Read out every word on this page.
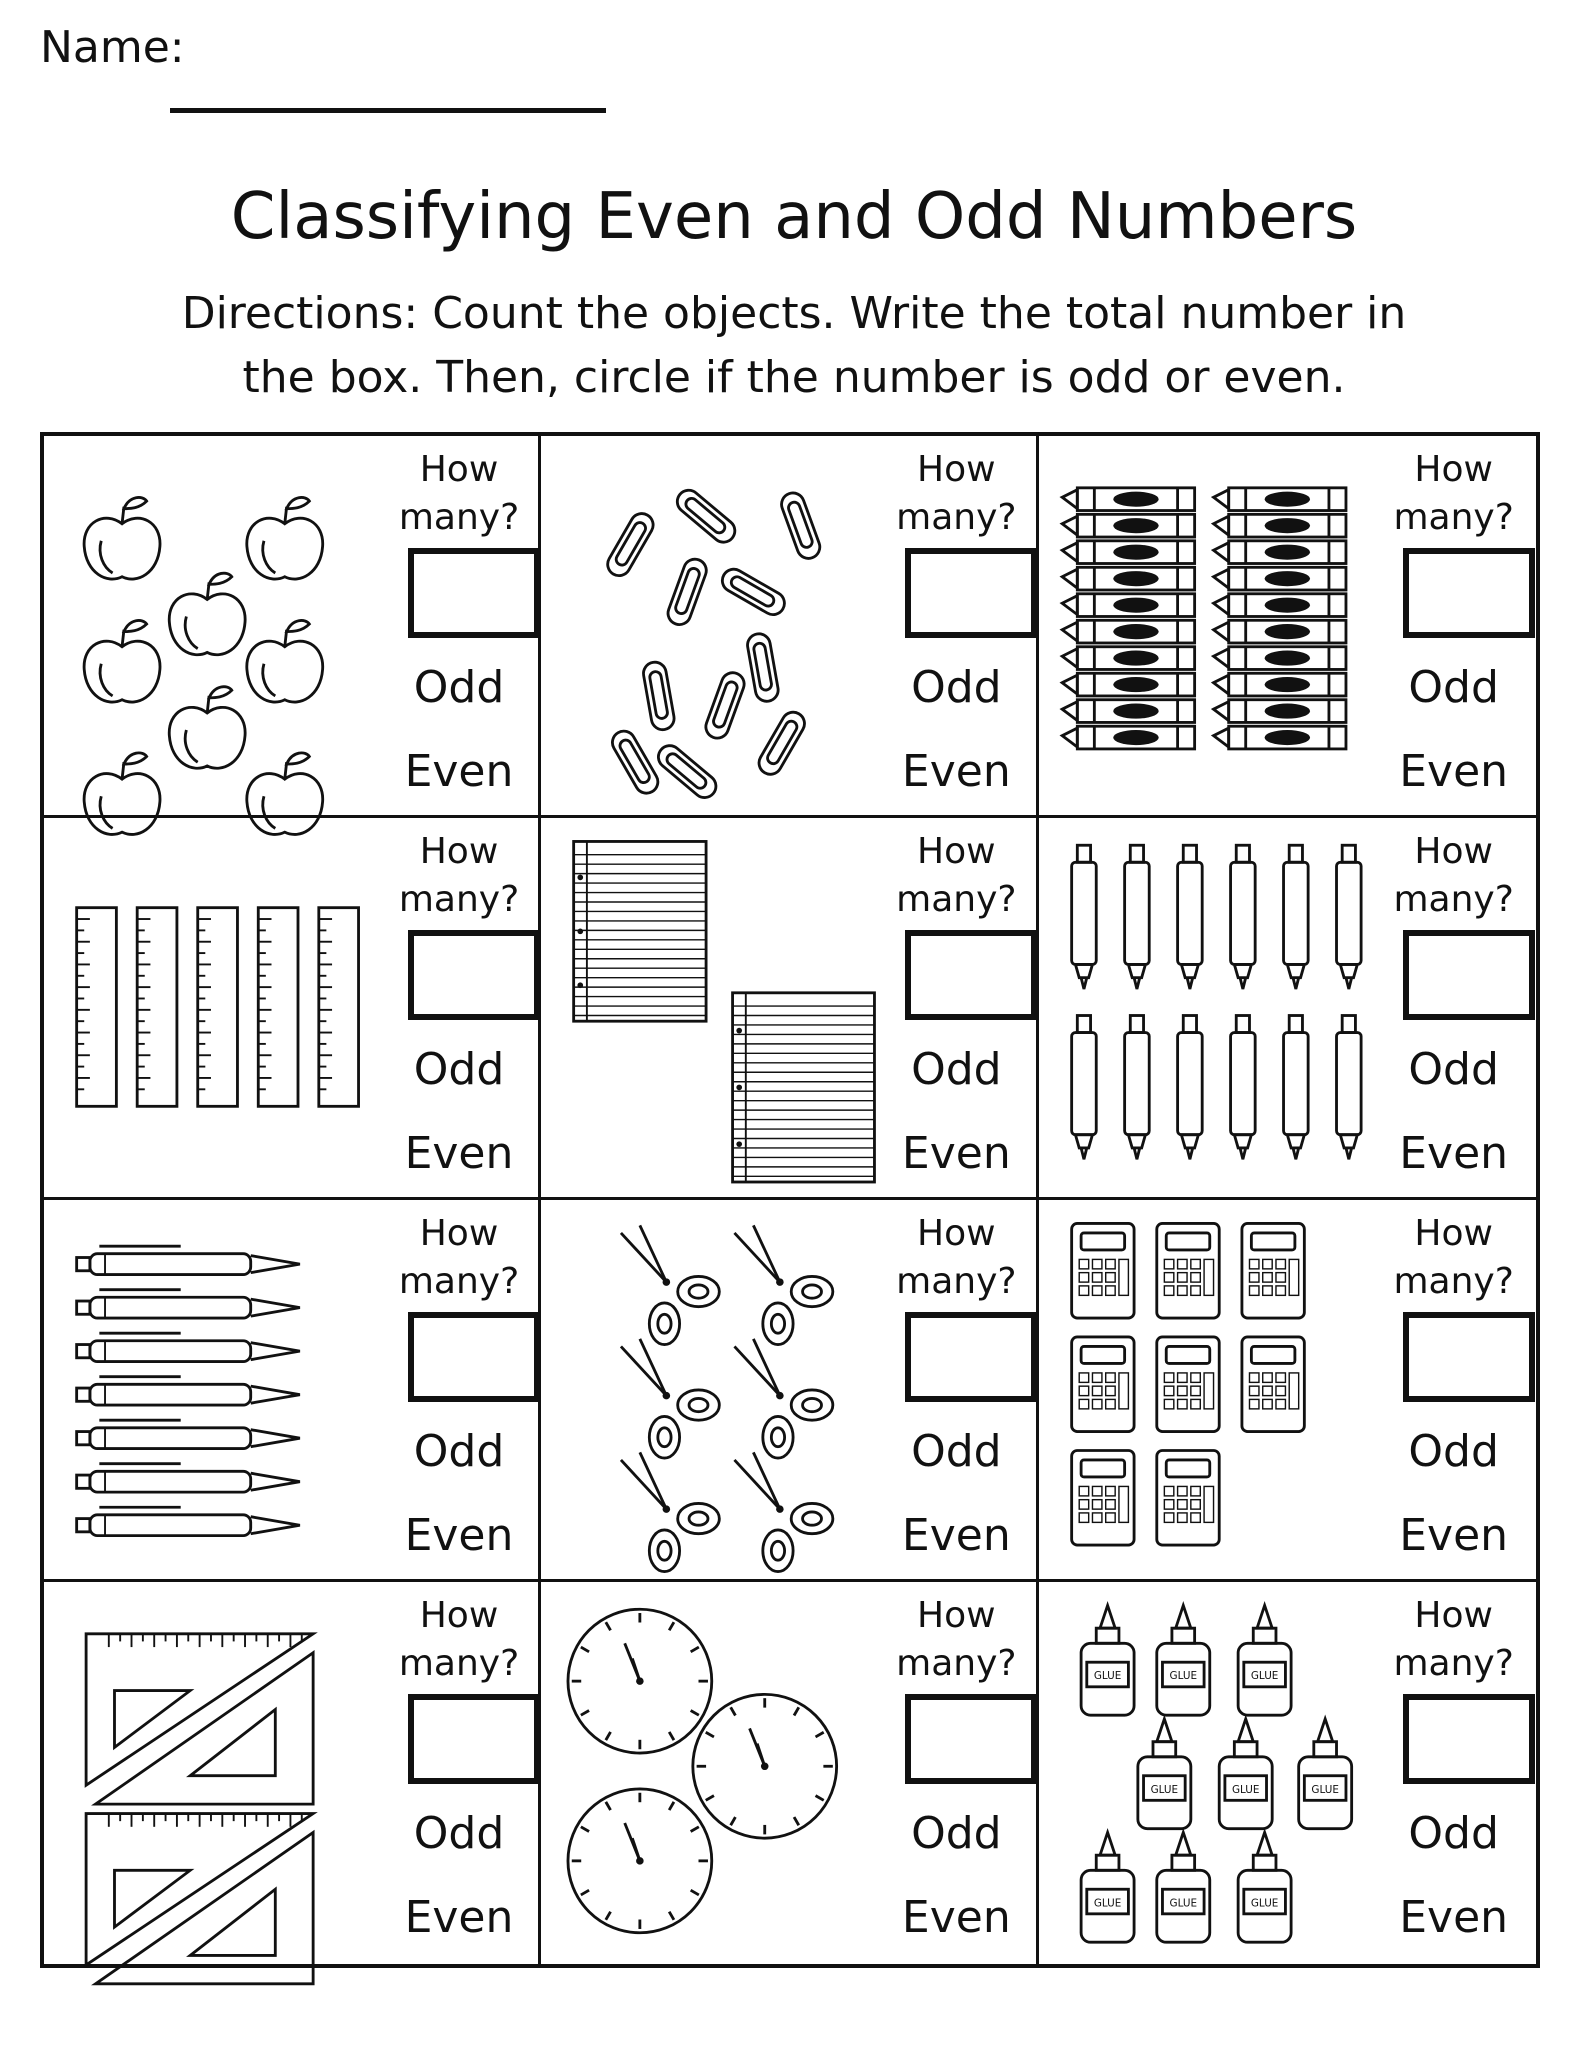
Name:
Classifying Even and Odd Numbers
Directions: Count the objects. Write the total number in
the box. Then, circle if the number is odd or even.
How
many?
Odd
Even
How
many?
Odd
Even
How
many?
Odd
Even
How
many?
Odd
Even
How
many?
Odd
Even
How
many?
Odd
Even
How
many?
Odd
Even
How
many?
Odd
Even
How
many?
Odd
Even
How
many?
Odd
Even
How
many?
Odd
Even
GLUE	GLUE	GLUE
GLUE	GLUE	GLUE
GLUE	GLUE	GLUE
How
many?
Odd
Even
